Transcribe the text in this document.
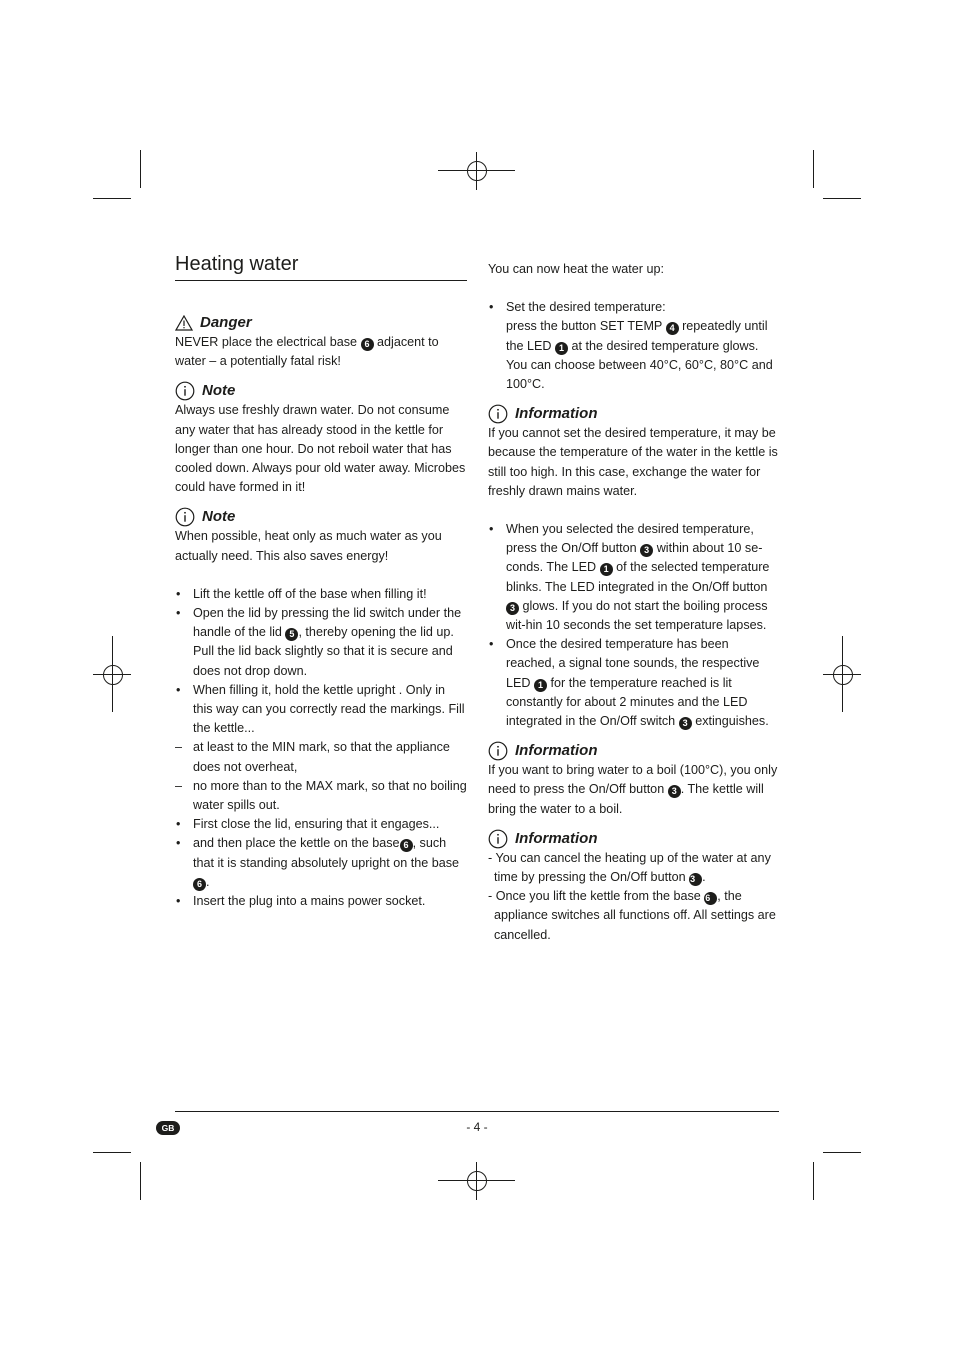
Heating water
Danger

NEVER place the electrical base 6 adjacent to water – a potentially fatal risk!

Note

Always use freshly drawn water. Do not consume any water that has already stood in the kettle for longer than one hour. Do not reboil water that has cooled down. Always pour old water away. Microbes could have formed in it!

Note

When possible, heat only as much water as you actually need. This also saves energy!

• Lift the kettle off of the base when filling it!
• Open the lid by pressing the lid switch under the handle of the lid 5 , thereby opening the lid up. Pull the lid back slightly so that it is secure and does not drop down.
• When filling it, hold the kettle upright . Only in this way can you correctly read the markings. Fill the kettle...
– at least to the MIN mark, so that the appliance does not overheat,
– no more than to the MAX mark, so that no boiling water spills out.
• First close the lid, ensuring that it engages...
• and then place the kettle on the base 6 , such that it is standing absolutely upright on the base 6 .
• Insert the plug into a mains power socket.

You can now heat the water up:

• Set the desired temperature:
press the button SET TEMP 4 repeatedly until the LED 1 at the desired temperature glows. You can choose between 40°C, 60°C, 80°C and 100°C.
Information

If you cannot set the desired temperature, it may be because the temperature of the water in the kettle is still too high. In this case, exchange the water for freshly drawn mains water.

• When you selected the desired temperature, press the On/Off button 3 within about 10 se-conds. The LED 1 of the selected temperature blinks. The LED integrated in the On/Off button 3 glows. If you do not start the boiling process wit-hin 10 seconds the set temperature lapses.
• Once the desired temperature has been reached, a signal tone sounds, the respective LED 1 for the temperature reached is lit constantly for about 2 minutes and the LED integrated in the On/Off switch 3 extinguishes.
Information

If you want to bring water to a boil (100°C), you only need to press the On/Off button 3 . The kettle will bring the water to a boil.

Information
- You can cancel the heating up of the water at any time by pressing the On/Off button 3 .
- Once you lift the kettle from the base 6 , the appliance switches all functions off. All settings are cancelled.
GB	- 4 -
